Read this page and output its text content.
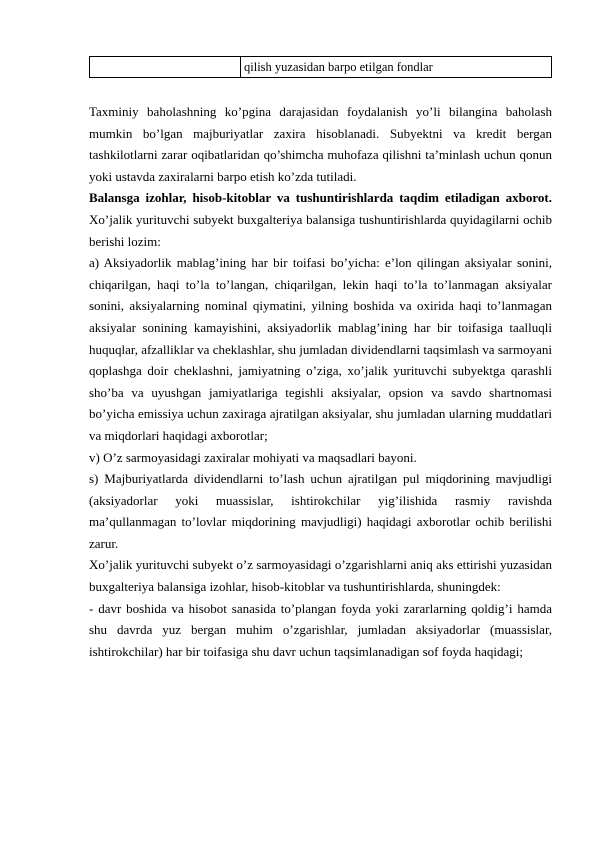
qilish yuzasidan barpo etilgan fondlar

Taxminiy baholashning ko’pgina darajasidan foydalanish yo’li bilangina baholash mumkin bo’lgan majburiyatlar zaxira hisoblanadi. Subyektni va kredit bergan tashkilotlarni zarar oqibatlaridan qo’shimcha muhofaza qilishni ta’minlash uchun qonun yoki ustavda zaxiralarni barpo etish ko’zda tutiladi.

Balansga izohlar, hisob-kitoblar va tushuntirishlarda taqdim etiladigan axborot. Xo’jalik yurituvchi subyekt buxgalteriya balansiga tushuntirishlarda quyidagilarni ochib berishi lozim:

a) Aksiyadorlik mablag’ining har bir toifasi bo’yicha: e’lon qilingan aksiyalar sonini, chiqarilgan, haqi to’la to’langan, chiqarilgan, lekin haqi to’la to’lanmagan aksiyalar sonini, aksiyalarning nominal qiymatini, yilning boshida va oxirida haqi to’lanmagan aksiyalar sonining kamayishini, aksiyadorlik mablag’ining har bir toifasiga taalluqli huquqlar, afzalliklar va cheklashlar, shu jumladan dividendlarni taqsimlash va sarmoyani qoplashga doir cheklashni, jamiyatning o’ziga, xo’jalik yurituvchi subyektga qarashli sho’ba va uyushgan jamiyatlariga tegishli aksiyalar, opsion va savdo shartnomasi bo’yicha emissiya uchun zaxiraga ajratilgan aksiyalar, shu jumladan ularning muddatlari va miqdorlari haqidagi axborotlar;

v) O’z sarmoyasidagi zaxiralar mohiyati va maqsadlari bayoni.

s) Majburiyatlarda dividendlarni to’lash uchun ajratilgan pul miqdorining mavjudligi (aksiyadorlar yoki muassislar, ishtirokchilar yig’ilishida rasmiy ravishda ma’qullanmagan to’lovlar miqdorining mavjudligi) haqidagi axborotlar ochib berilishi zarur.

Xo’jalik yurituvchi subyekt o’z sarmoyasidagi o’zgarishlarni aniq aks ettirishi yuzasidan buxgalteriya balansiga izohlar, hisob-kitoblar va tushuntirishlarda, shuningdek:

- davr boshida va hisobot sanasida to’plangan foyda yoki zararlarning qoldig’i hamda shu davrda yuz bergan muhim o’zgarishlar, jumladan aksiyadorlar (muassislar, ishtirokchilar) har bir toifasiga shu davr uchun taqsimlanadigan sof foyda haqidagi;
